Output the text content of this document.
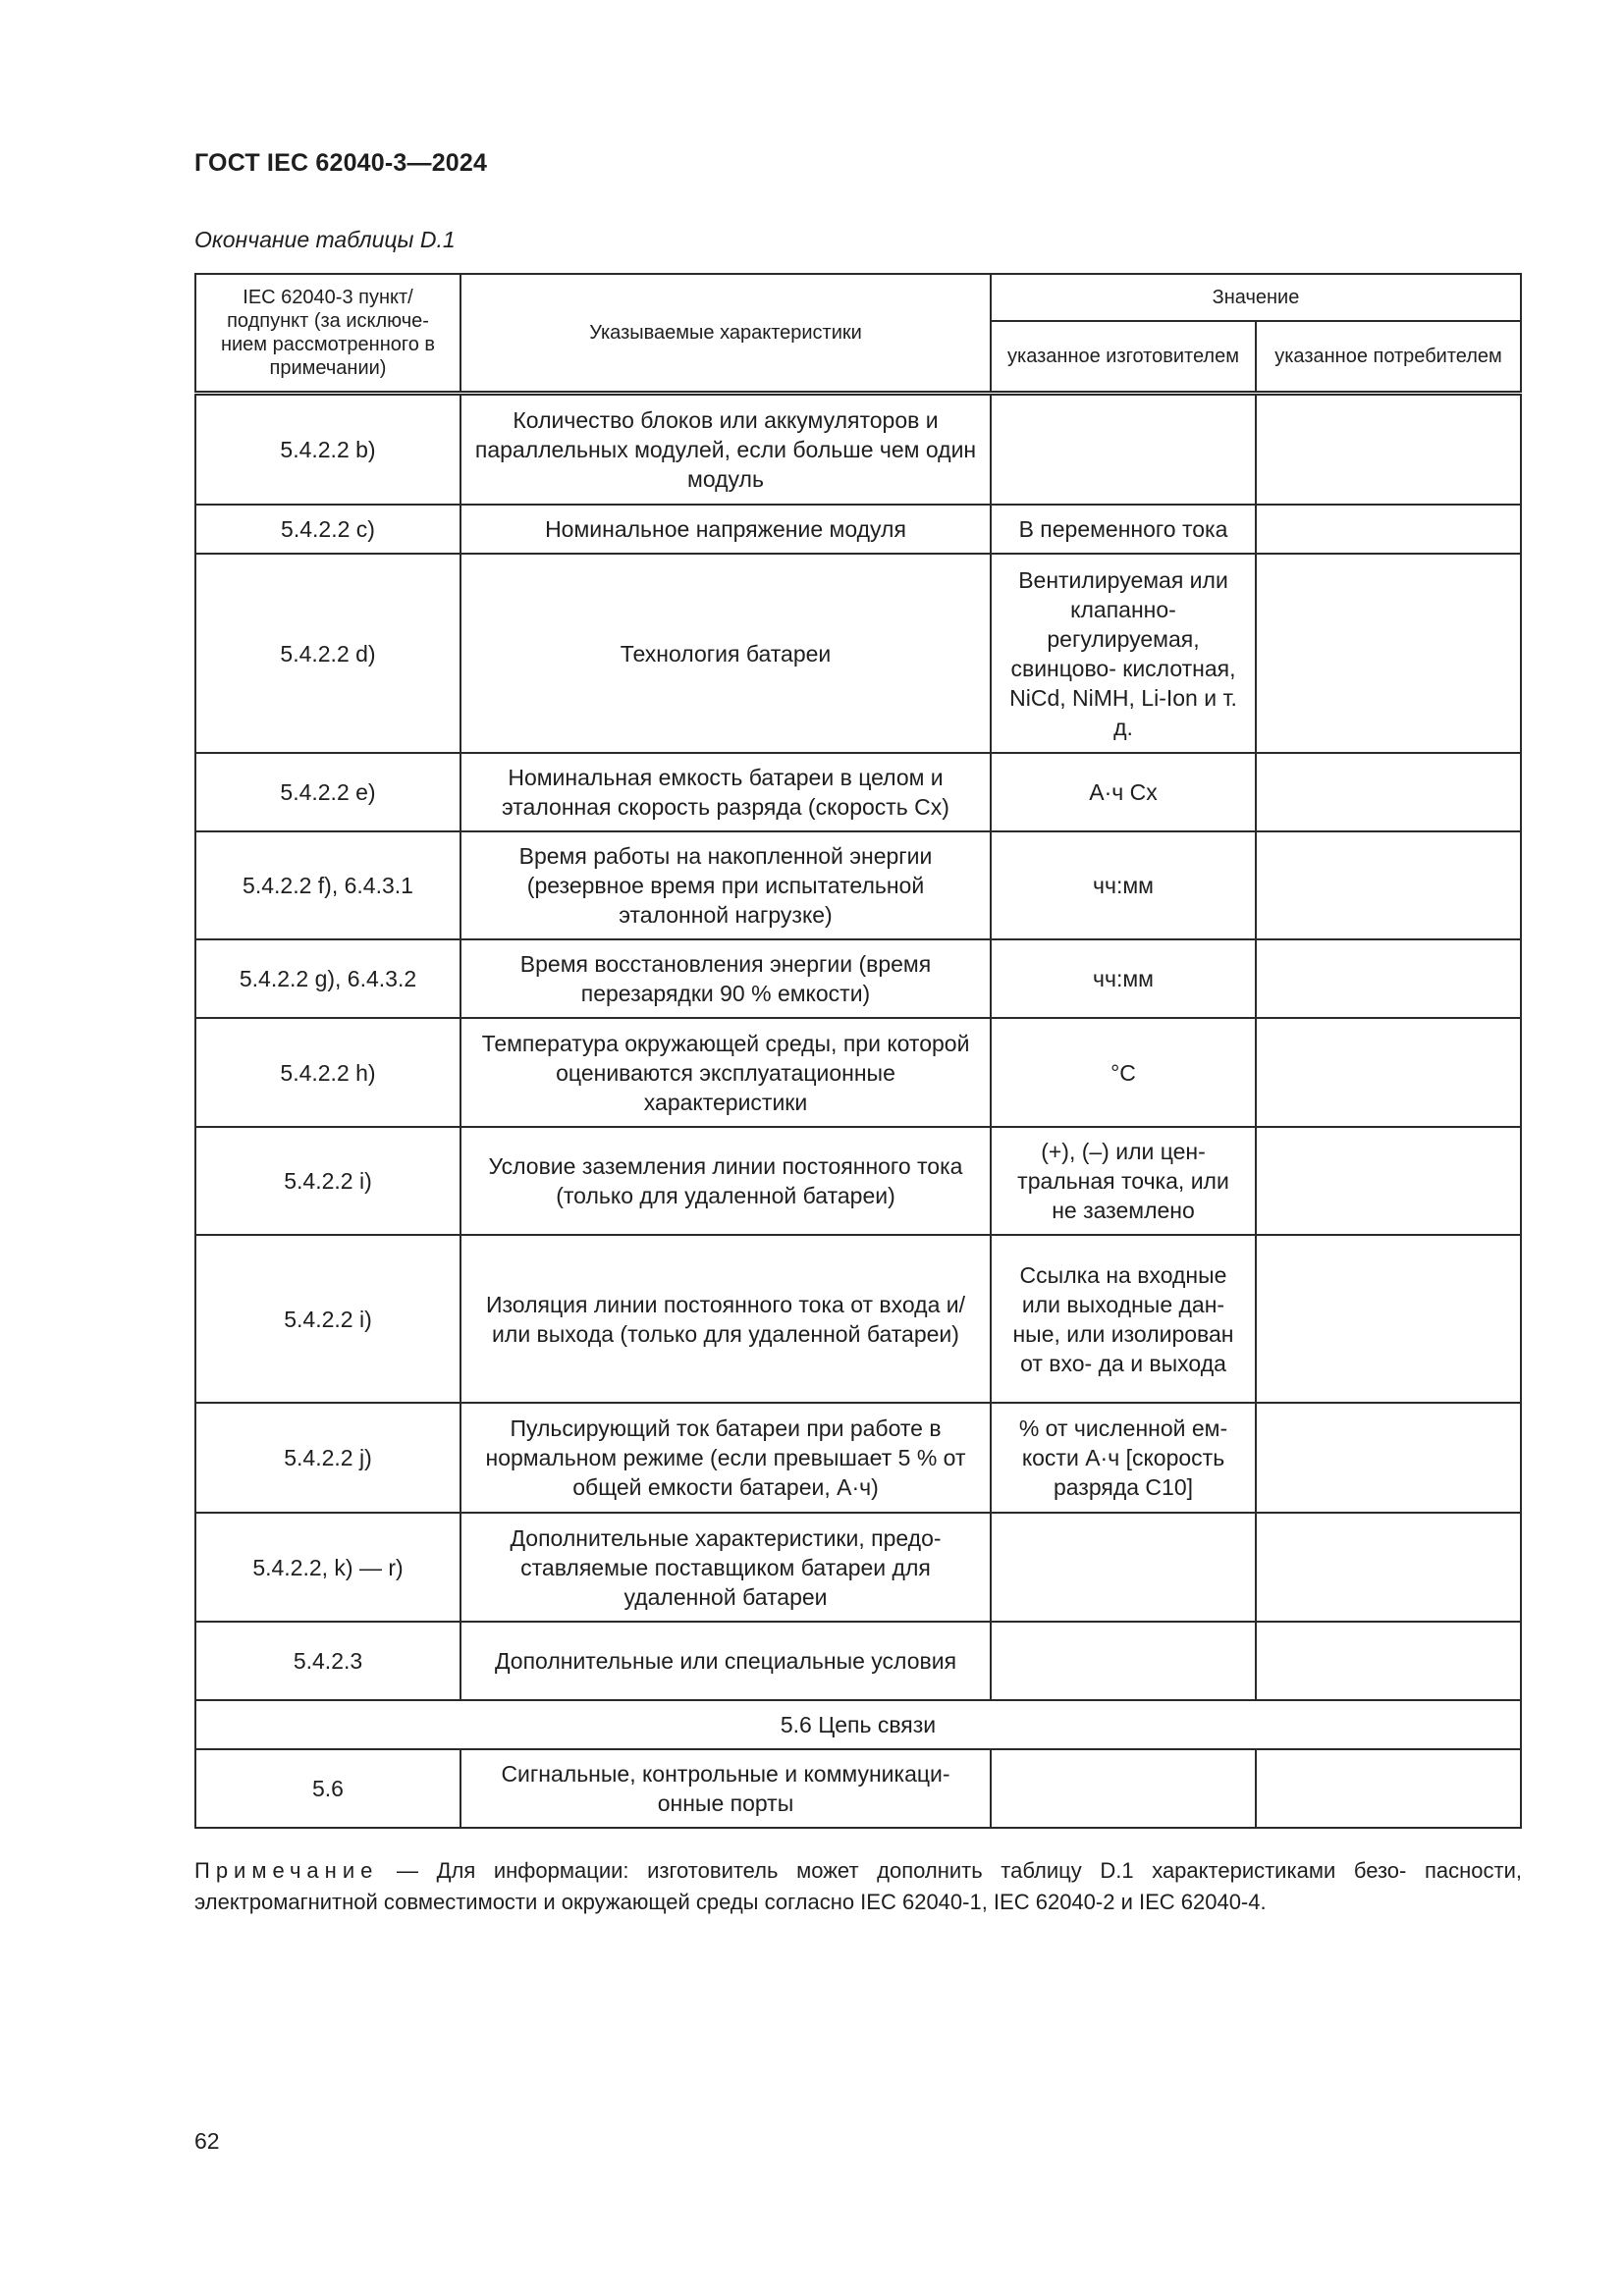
ГОСТ IEC 62040-3—2024
Окончание таблицы D.1
IEC 62040-3 пункт/ подпункт (за исключе- нием рассмотренного в примечании)	Указываемые характеристики	Значение	
		указанное изготовителем	указанное потребителем
5.4.2.2 b)	Количество блоков или аккумуляторов и параллельных модулей, если больше чем один модуль		
5.4.2.2 c)	Номинальное напряжение модуля	В переменного тока	
5.4.2.2 d)	Технология батареи	Вентилируемая или клапанно- регулируемая, свинцово- кислотная, NiCd, NiMH, Li-Ion и т. д.	
5.4.2.2 e)	Номинальная емкость батареи в целом и эталонная скорость разряда (скорость Cx)	А·ч Cx	
5.4.2.2 f), 6.4.3.1	Время работы на накопленной энергии (резервное время при испытательной эталонной нагрузке)	чч:мм	
5.4.2.2 g), 6.4.3.2	Время восстановления энергии (время перезарядки 90 % емкости)	чч:мм	
5.4.2.2 h)	Температура окружающей среды, при которой оцениваются эксплуатационные характеристики	°С	
5.4.2.2 i)	Условие заземления линии постоянного тока (только для удаленной батареи)	(+), (–) или цен- тральная точка, или не заземлено	
5.4.2.2 i)	Изоляция линии постоянного тока от входа и/или выхода (только для удаленной батареи)	Ссылка на входные или выходные дан- ные, или изолирован от вхо- да и выхода	
5.4.2.2 j)	Пульсирующий ток батареи при работе в нормальном режиме (если превышает 5 % от общей емкости батареи, А·ч)	% от численной ем- кости А·ч [скорость разряда C10]	
5.4.2.2, k) — r)	Дополнительные характеристики, предо- ставляемые поставщиком батареи для удаленной батареи		
5.4.2.3	Дополнительные или специальные условия		
5.6 Цепь связи			
5.6	Сигнальные, контрольные и коммуникаци- онные порты		
Примечание — Для информации: изготовитель может дополнить таблицу D.1 характеристиками безо- пасности, электромагнитной совместимости и окружающей среды согласно IEC 62040-1, IEC 62040-2 и IEC 62040-4.
62
